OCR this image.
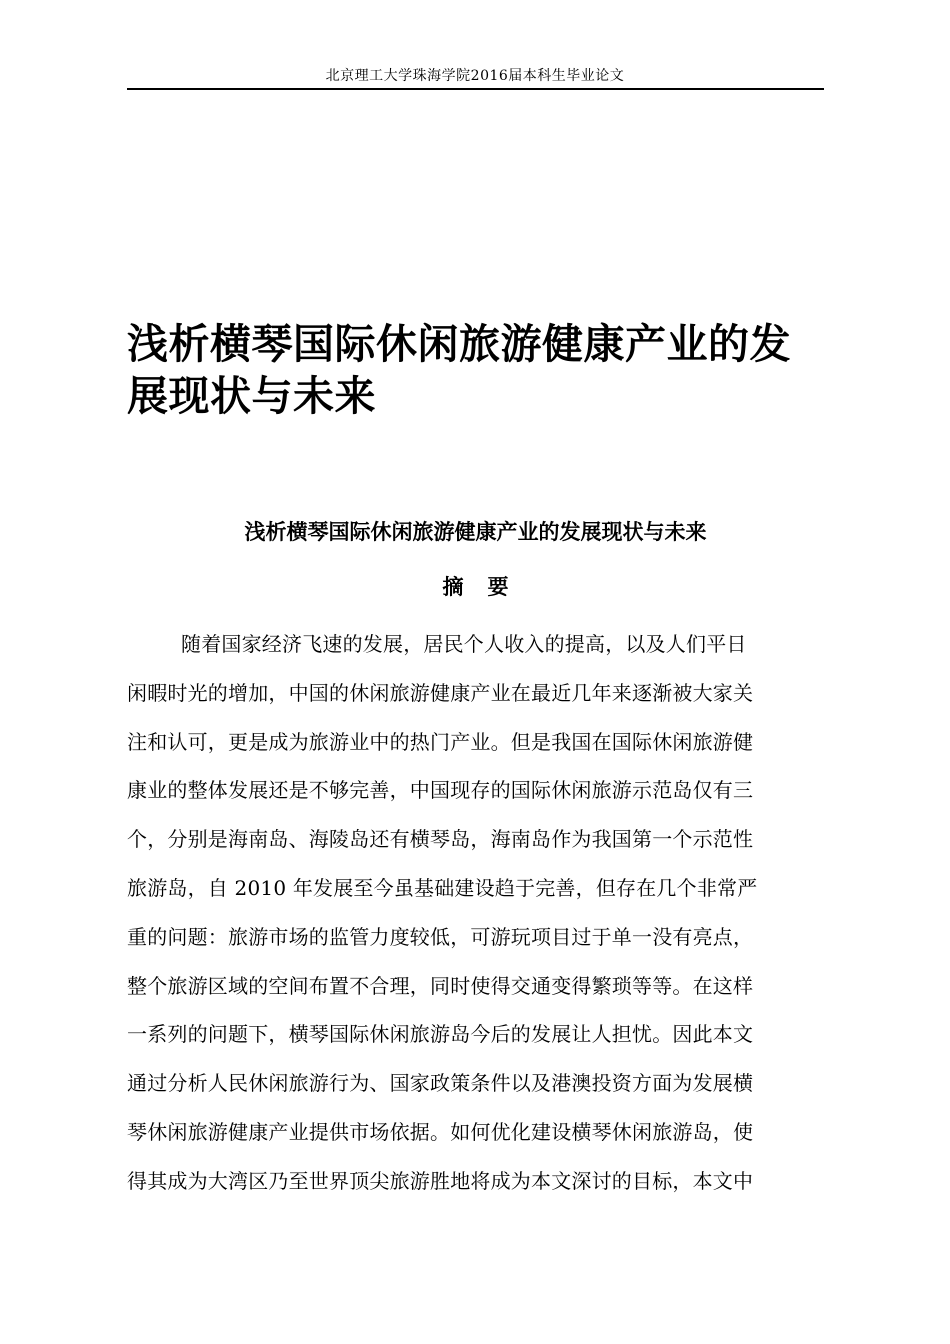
北京理工大学珠海学院2016届本科生毕业论文
浅析横琴国际休闲旅游健康产业的发
展现状与未来
浅析横琴国际休闲旅游健康产业的发展现状与未来
摘要
随着国家经济飞速的发展，居民个人收入的提高，以及人们平日
闲暇时光的增加，中国的休闲旅游健康产业在最近几年来逐渐被大家关
注和认可，更是成为旅游业中的热门产业。但是我国在国际休闲旅游健
康业的整体发展还是不够完善，中国现存的国际休闲旅游示范岛仅有三
个，分别是海南岛、海陵岛还有横琴岛，海南岛作为我国第一个示范性
旅游岛，自 2010 年发展至今虽基础建设趋于完善，但存在几个非常严
重的问题：旅游市场的监管力度较低，可游玩项目过于单一没有亮点，
整个旅游区域的空间布置不合理，同时使得交通变得繁琐等等。在这样
一系列的问题下，横琴国际休闲旅游岛今后的发展让人担忧。因此本文
通过分析人民休闲旅游行为、国家政策条件以及港澳投资方面为发展横
琴休闲旅游健康产业提供市场依据。如何优化建设横琴休闲旅游岛，使
得其成为大湾区乃至世界顶尖旅游胜地将成为本文深讨的目标，本文中
